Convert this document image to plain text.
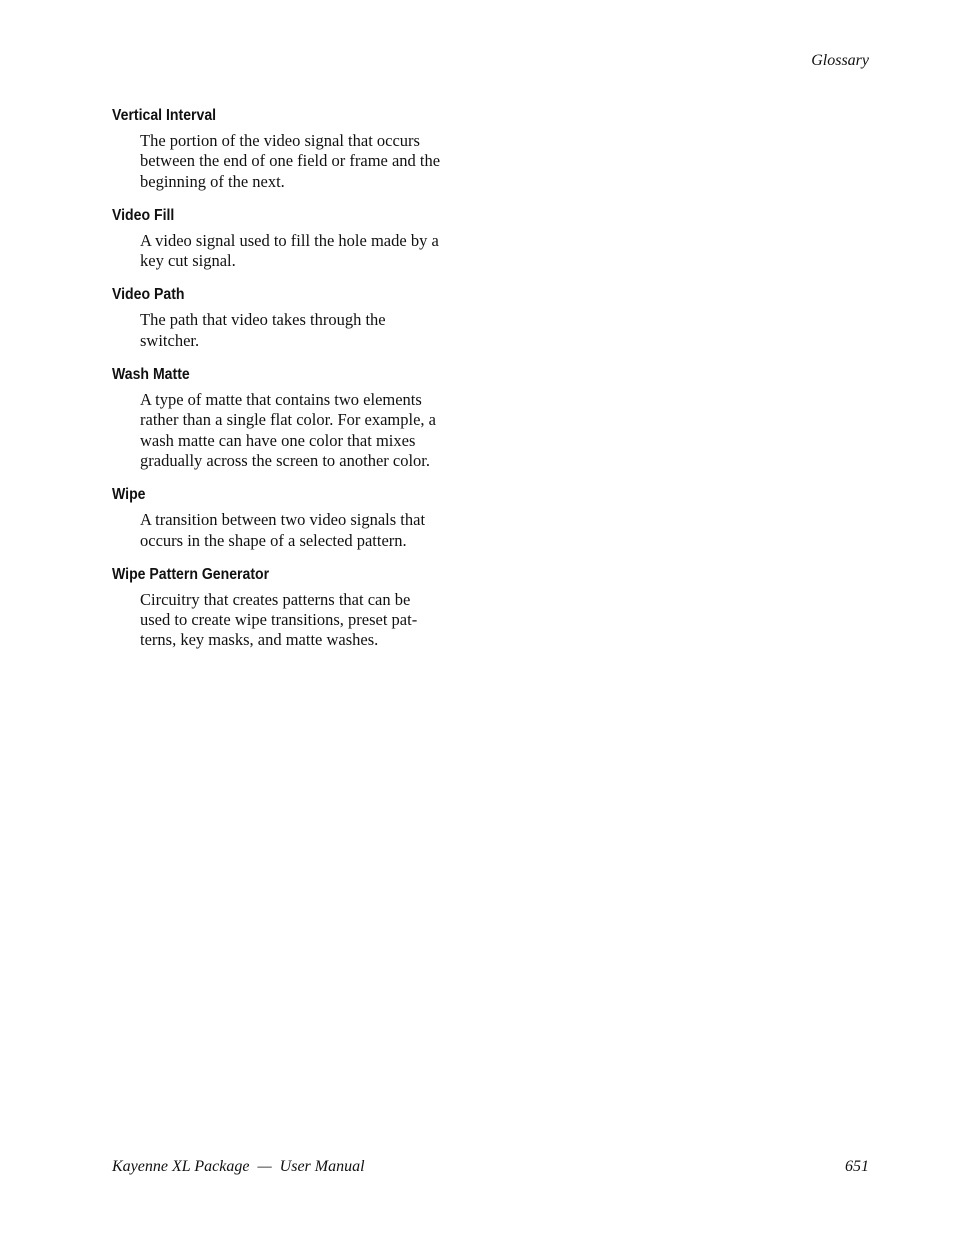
Glossary
Vertical Interval
The portion of the video signal that occurs
between the end of one field or frame and the
beginning of the next.
Video Fill
A video signal used to fill the hole made by a
key cut signal.
Video Path
The path that video takes through the
switcher.
Wash Matte
A type of matte that contains two elements
rather than a single flat color. For example, a
wash matte can have one color that mixes
gradually across the screen to another color.
Wipe
A transition between two video signals that
occurs in the shape of a selected pattern.
Wipe Pattern Generator
Circuitry that creates patterns that can be
used to create wipe transitions, preset pat-
terns, key masks, and matte washes.
Kayenne XL Package  —  User Manual	651
